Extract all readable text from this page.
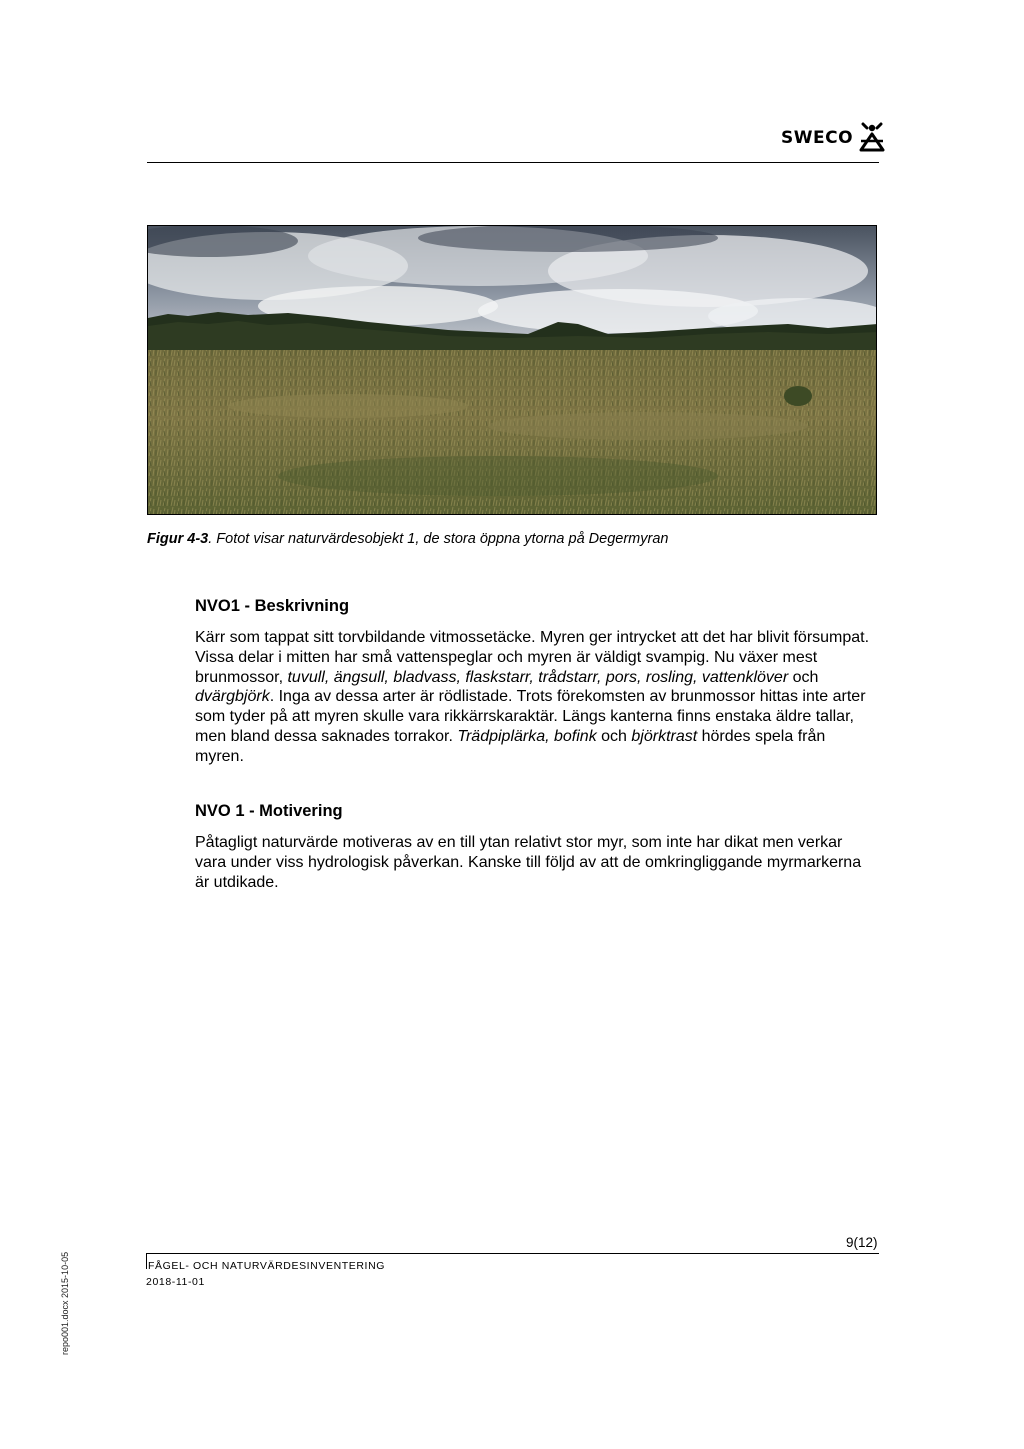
SWECO
Figur 4-3. Fotot visar naturvärdesobjekt 1, de stora öppna ytorna på Degermyran
NVO1 - Beskrivning

Kärr som tappat sitt torvbildande vitmossetäcke. Myren ger intrycket att det har blivit försumpat. Vissa delar i mitten har små vattenspeglar och myren är väldigt svampig. Nu växer mest brunmossor, tuvull, ängsull, bladvass, flaskstarr, trådstarr, pors, rosling, vattenklöver och dvärgbjörk. Inga av dessa arter är rödlistade. Trots förekomsten av brunmossor hittas inte arter som tyder på att myren skulle vara rikkärrskaraktär. Längs kanterna finns enstaka äldre tallar, men bland dessa saknades torrakor. Trädpiplärka, bofink och björktrast hördes spela från myren.

NVO 1 - Motivering

Påtagligt naturvärde motiveras av en till ytan relativt stor myr, som inte har dikat men verkar vara under viss hydrologisk påverkan. Kanske till följd av att de omkringliggande myrmarkerna är utdikade.

9(12)
FÅGEL- OCH NATURVÄRDESINVENTERING
2018-11-01
repo001.docx 2015-10-05
